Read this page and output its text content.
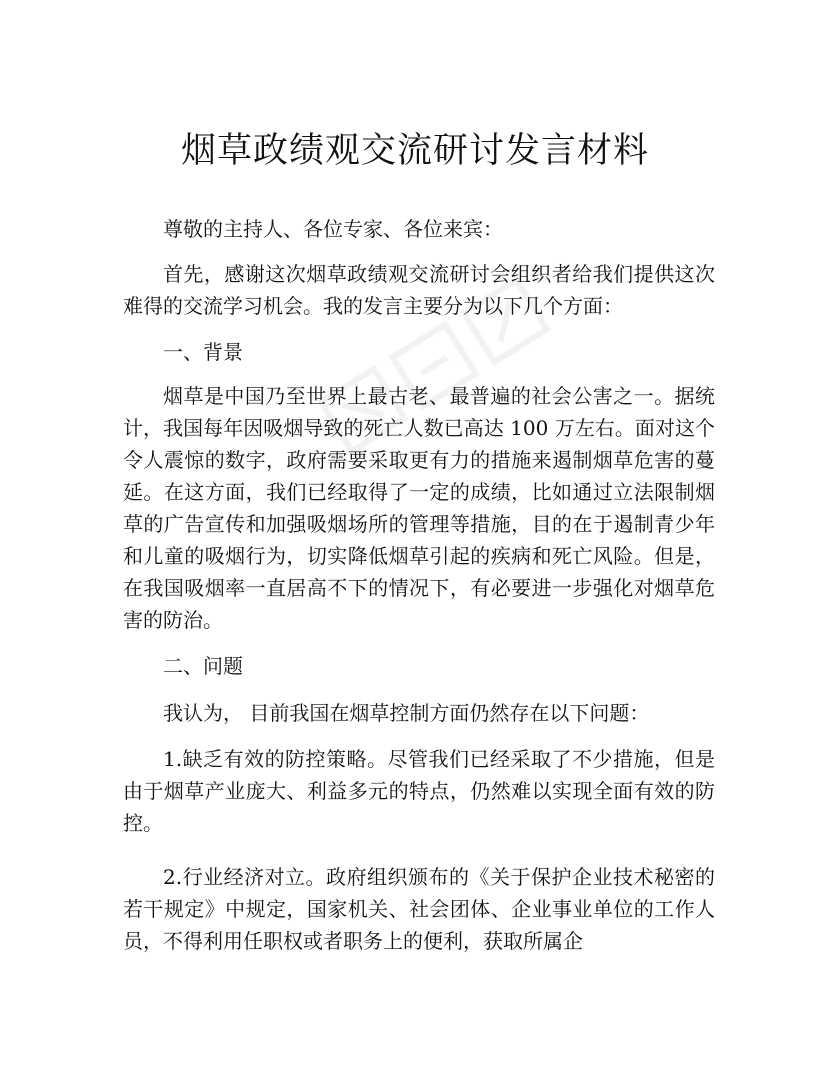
烟草政绩观交流研讨发言材料

尊敬的主持人、各位专家、各位来宾：

首先，感谢这次烟草政绩观交流研讨会组织者给我们提供这次难得的交流学习机会。我的发言主要分为以下几个方面：

一、背景

烟草是中国乃至世界上最古老、最普遍的社会公害之一。据统计，我国每年因吸烟导致的死亡人数已高达 100 万左右。面对这个令人震惊的数字，政府需要采取更有力的措施来遏制烟草危害的蔓延。在这方面，我们已经取得了一定的成绩，比如通过立法限制烟草的广告宣传和加强吸烟场所的管理等措施，目的在于遏制青少年和儿童的吸烟行为，切实降低烟草引起的疾病和死亡风险。但是，在我国吸烟率一直居高不下的情况下，有必要进一步强化对烟草危害的防治。

二、问题

我认为， 目前我国在烟草控制方面仍然存在以下问题：

1.缺乏有效的防控策略。尽管我们已经采取了不少措施，但是由于烟草产业庞大、利益多元的特点，仍然难以实现全面有效的防控。

2.行业经济对立。政府组织颁布的《关于保护企业技术秘密的若干规定》中规定，国家机关、社会团体、企业事业单位的工作人员，不得利用任职权或者职务上的便利，获取所属企
